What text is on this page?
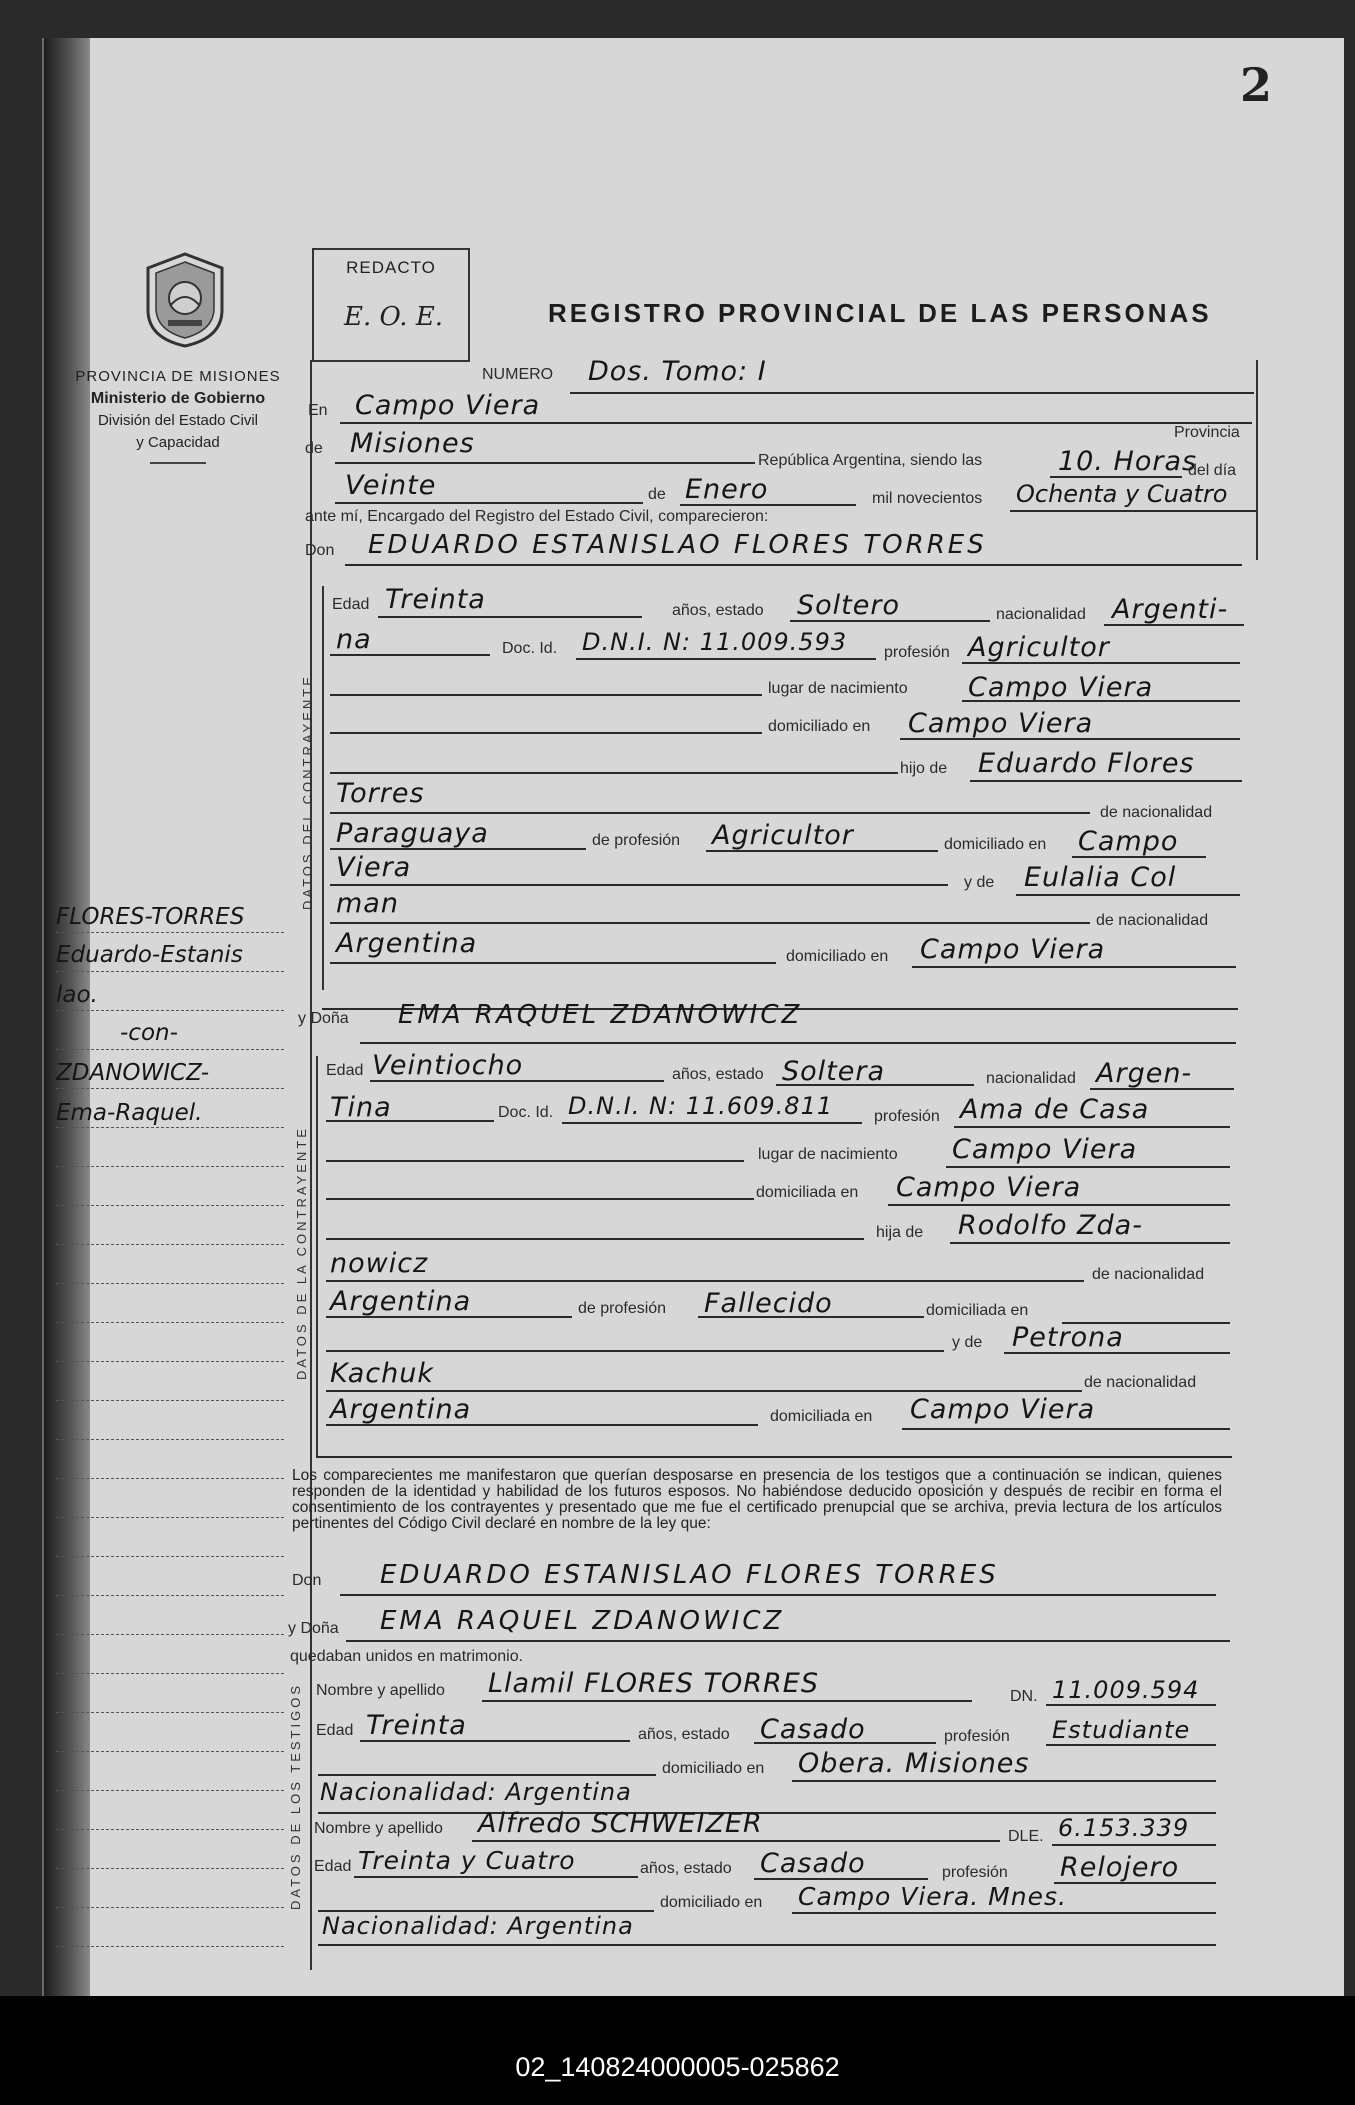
2
PROVINCIA DE MISIONES
Ministerio de Gobierno
División del Estado Civil
y Capacidad
REDACTO
E. O. E.	REGISTRO PROVINCIAL DE LAS PERSONAS
NUMERO Dos. Tomo: I
En Campo Viera
Provincia
de Misiones
República Argentina, siendo las	10. Horas
del día
Veinte	de Enero	mil novecientos Ochenta y Cuatro
ante mí, Encargado del Registro del Estado Civil, comparecieron:
Don EDUARDO ESTANISLAO FLORES TORRES
DATOS DEL CONTRAYENTE
Edad Treinta	años, estado Soltero	nacionalidad Argenti-
na	Doc. Id. D.N.I. N: 11.009.593 profesión Agricultor
lugar de nacimiento Campo Viera
domiciliado en Campo Viera
hijo de Eduardo Flores
Torres
de nacionalidad
Paraguaya	de profesión Agricultor	domiciliado en Campo
Viera	y de Eulalia Col
man
de nacionalidad
Argentina	domiciliado en Campo Viera
y Doña EMA RAQUEL ZDANOWICZ
DATOS DE LA CONTRAYENTE
Edad Veintiocho	años, estado Soltera	nacionalidad Argen-
Tina	Doc. Id. D.N.I. N: 11.609.811	profesión Ama de Casa
lugar de nacimiento Campo Viera
domiciliada en Campo Viera
hija de Rodolfo Zda-
nowicz	de nacionalidad
Argentina	de profesión Fallecido	domiciliada en
y de Petrona
Kachuk	de nacionalidad
Argentina	domiciliada en Campo Viera
Los comparecientes me manifestaron que querían desposarse en presencia de los testigos que a continuación se indican, quienes responden de la identidad y habilidad de los futuros esposos. No habiéndose deducido oposición y después de recibir en forma el consentimiento de los contrayentes y presentado que me fue el certificado prenupcial que se archiva, previa lectura de los artículos pertinentes del Código Civil declaré en nombre de la ley que:
Don EDUARDO ESTANISLAO FLORES TORRES
y Doña EMA RAQUEL ZDANOWICZ
quedaban unidos en matrimonio.
DATOS DE LOS TESTIGOS Nombre y apellido Llamil FLORES TORRES	DN. 11.009.594
Edad Treinta	años, estado Casado	profesión Estudiante
domiciliado en Obera. Misiones
Nacionalidad: Argentina
Nombre y apellido Alfredo SCHWEIZER	DLE. 6.153.339
Edad Treinta y Cuatro	años, estado Casado	profesión Relojero
domiciliado en Campo Viera. Mnes.
Nacionalidad: Argentina
FLORES-TORRES
Eduardo-Estanis
lao.
-con-
ZDANOWICZ-
Ema-Raquel.
02_140824000005-025862
